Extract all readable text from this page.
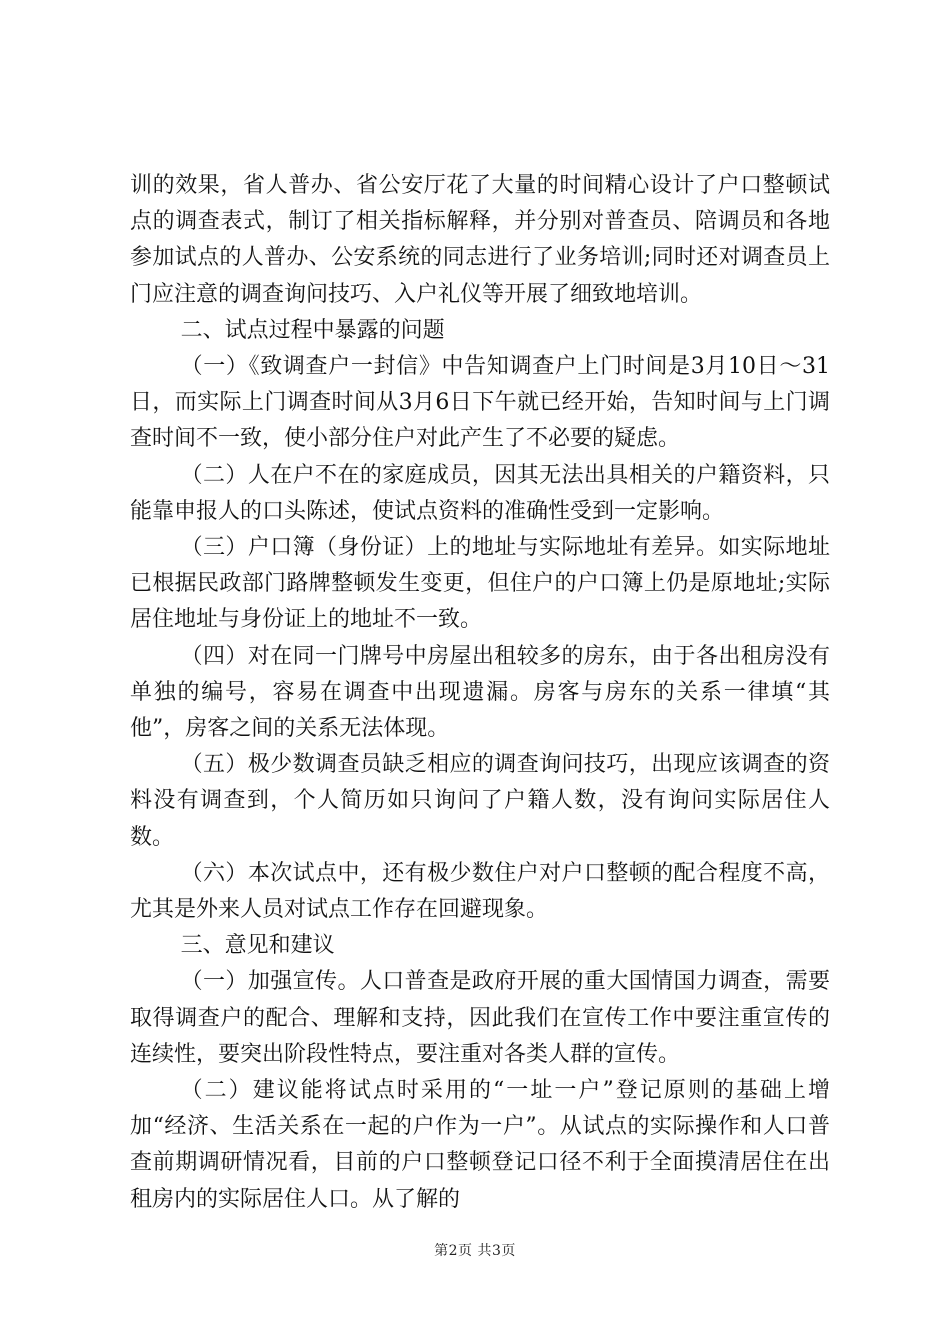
训的效果，省人普办、省公安厅花了大量的时间精心设计了户口整顿试点的调查表式，制订了相关指标解释，并分别对普查员、陪调员和各地参加试点的人普办、公安系统的同志进行了业务培训;同时还对调查员上门应注意的调查询问技巧、入户礼仪等开展了细致地培训。

二、试点过程中暴露的问题

（一）《致调查户一封信》中告知调查户上门时间是3月10日～31日，而实际上门调查时间从3月6日下午就已经开始，告知时间与上门调查时间不一致，使小部分住户对此产生了不必要的疑虑。

（二）人在户不在的家庭成员，因其无法出具相关的户籍资料，只能靠申报人的口头陈述，使试点资料的准确性受到一定影响。

（三）户口簿（身份证）上的地址与实际地址有差异。如实际地址已根据民政部门路牌整顿发生变更，但住户的户口簿上仍是原地址;实际居住地址与身份证上的地址不一致。

（四）对在同一门牌号中房屋出租较多的房东，由于各出租房没有单独的编号，容易在调查中出现遗漏。房客与房东的关系一律填“其他”，房客之间的关系无法体现。

（五）极少数调查员缺乏相应的调查询问技巧，出现应该调查的资料没有调查到，个人简历如只询问了户籍人数，没有询问实际居住人数。

（六）本次试点中，还有极少数住户对户口整顿的配合程度不高，尤其是外来人员对试点工作存在回避现象。

三、意见和建议

（一）加强宣传。人口普查是政府开展的重大国情国力调查，需要取得调查户的配合、理解和支持，因此我们在宣传工作中要注重宣传的连续性，要突出阶段性特点，要注重对各类人群的宣传。

（二）建议能将试点时采用的“一址一户”登记原则的基础上增加“经济、生活关系在一起的户作为一户”。从试点的实际操作和人口普查前期调研情况看，目前的户口整顿登记口径不利于全面摸清居住在出租房内的实际居住人口。从了解的

第2页 共3页
